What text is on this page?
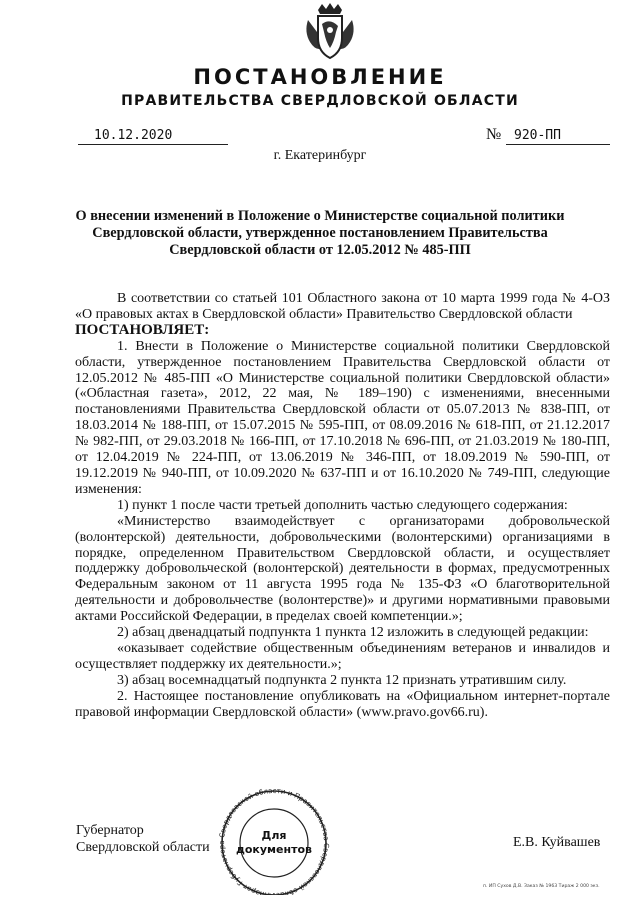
ПОСТАНОВЛЕНИЕ
ПРАВИТЕЛЬСТВА СВЕРДЛОВСКОЙ ОБЛАСТИ
10.12.2020	№ 920-ПП
г. Екатеринбург
О внесении изменений в Положение о Министерстве социальной политики Свердловской области, утвержденное постановлением Правительства Свердловской области от 12.05.2012 № 485-ПП

В соответствии со статьей 101 Областного закона от 10 марта 1999 года № 4-ОЗ «О правовых актах в Свердловской области» Правительство Свердловской области

ПОСТАНОВЛЯЕТ:

1. Внести в Положение о Министерстве социальной политики Свердловской области, утвержденное постановлением Правительства Свердловской области от 12.05.2012 № 485-ПП «О Министерстве социальной политики Свердловской области» («Областная газета», 2012, 22 мая, № 189–190) с изменениями, внесенными постановлениями Правительства Свердловской области от 05.07.2013 № 838-ПП, от 18.03.2014 № 188-ПП, от 15.07.2015 № 595-ПП, от 08.09.2016 № 618-ПП, от 21.12.2017 № 982-ПП, от 29.03.2018 № 166-ПП, от 17.10.2018 № 696-ПП, от 21.03.2019 № 180-ПП, от 12.04.2019 № 224-ПП, от 13.06.2019 № 346-ПП, от 18.09.2019 № 590-ПП, от 19.12.2019 № 940-ПП, от 10.09.2020 № 637-ПП и от 16.10.2020 № 749-ПП, следующие изменения:

1) пункт 1 после части третьей дополнить частью следующего содержания:

«Министерство взаимодействует с организаторами добровольческой (волонтерской) деятельности, добровольческими (волонтерскими) организациями в порядке, определенном Правительством Свердловской области, и осуществляет поддержку добровольческой (волонтерской) деятельности в формах, предусмотренных Федеральным законом от 11 августа 1995 года № 135-ФЗ «О благотворительной деятельности и добровольчестве (волонтерстве)» и другими нормативными правовыми актами Российской Федерации, в пределах своей компетенции.»;

2) абзац двенадцатый подпункта 1 пункта 12 изложить в следующей редакции:

«оказывает содействие общественным объединениям ветеранов и инвалидов и осуществляет поддержку их деятельности.»;

3) абзац восемнадцатый подпункта 2 пункта 12 признать утратившим силу.

2. Настоящее постановление опубликовать на «Официальном интернет-портале правовой информации Свердловской области» (www.pravo.gov66.ru).

Аппарат Губернатора Свердловской области и Правительства Свердловской област
Для
документов
Губернатор
Свердловской области	Е.В. Куйвашев
п. ИП Сухов Д.В. Заказ № 1963 Тираж 2 000 экз.
